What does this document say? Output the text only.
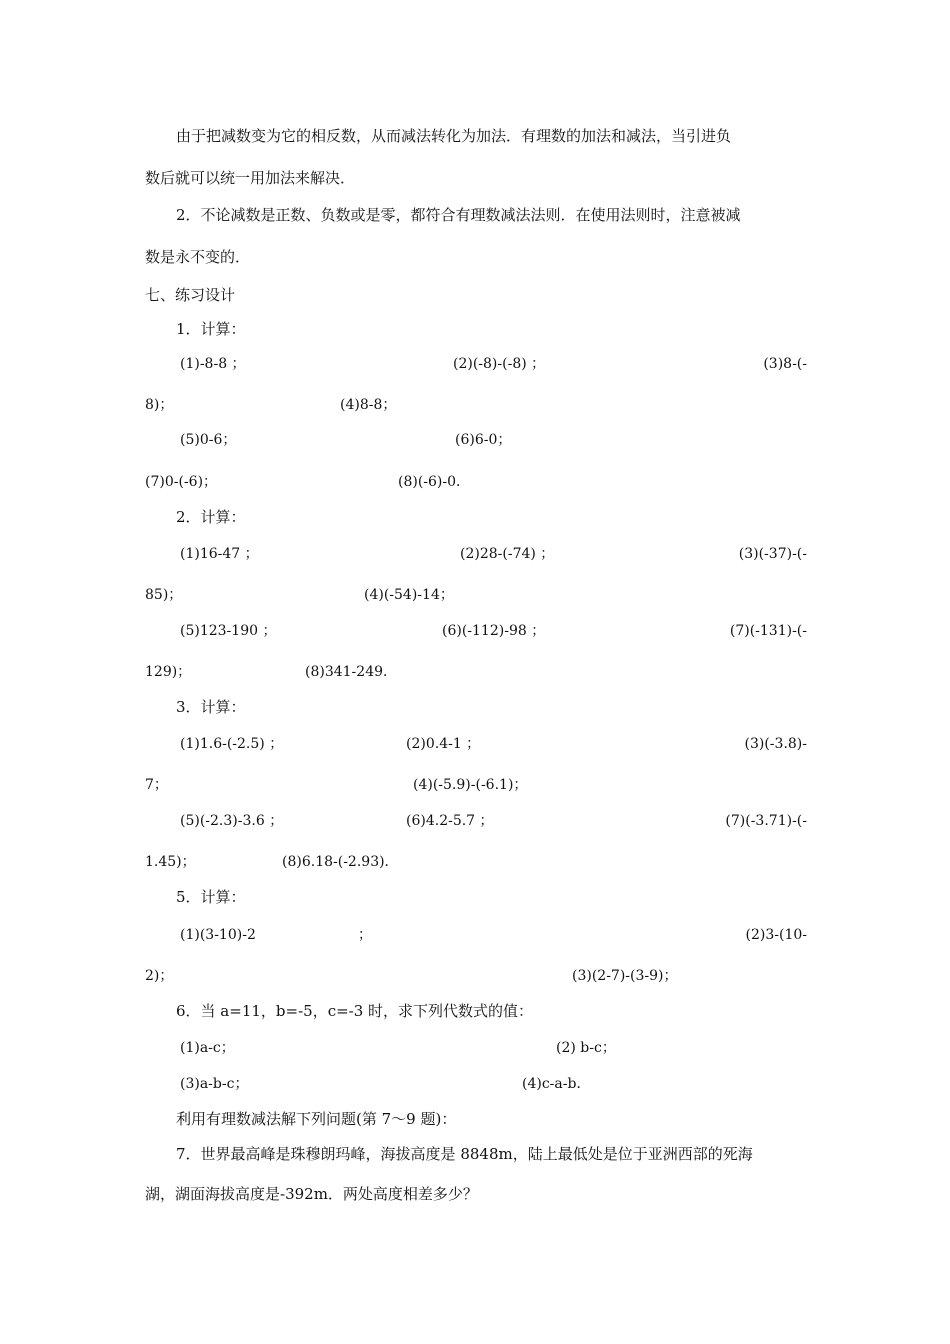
由于把减数变为它的相反数，从而减法转化为加法．有理数的加法和减法，当引进负
数后就可以统一用加法来解决．
2．不论减数是正数、负数或是零，都符合有理数减法法则．在使用法则时，注意被减
数是永不变的．
七、练习设计
1．计算：
(1)-8-8 ；	(2)(-8)-(-8) ；	(3)8-(-
8)；	(4)8-8；
(5)0-6；	(6)6-0；
(7)0-(-6)；	(8)(-6)-0．
2．计算：
(1)16-47 ；	(2)28-(-74) ；	(3)(-37)-(-
85)；	(4)(-54)-14；
(5)123-190 ；	(6)(-112)-98 ；	(7)(-131)-(-
129)；	(8)341-249．
3．计算：
(1)1.6-(-2.5) ；	(2)0.4-1 ；	(3)(-3.8)-
7；	(4)(-5.9)-(-6.1)；
(5)(-2.3)-3.6 ；	(6)4.2-5.7 ；	(7)(-3.71)-(-
1.45)；	(8)6.18-(-2.93)．
5．计算：
(1)(3-10)-2	；	(2)3-(10-
2)；	(3)(2-7)-(3-9)；
6．当 a=11，b=-5，c=-3 时，求下列代数式的值：
(1)a-c；	(2) b-c；
(3)a-b-c；	(4)c-a-b．
利用有理数减法解下列问题(第 7～9 题)：
7．世界最高峰是珠穆朗玛峰，海拔高度是 8848m，陆上最低处是位于亚洲西部的死海
湖，湖面海拔高度是-392m．两处高度相差多少？
